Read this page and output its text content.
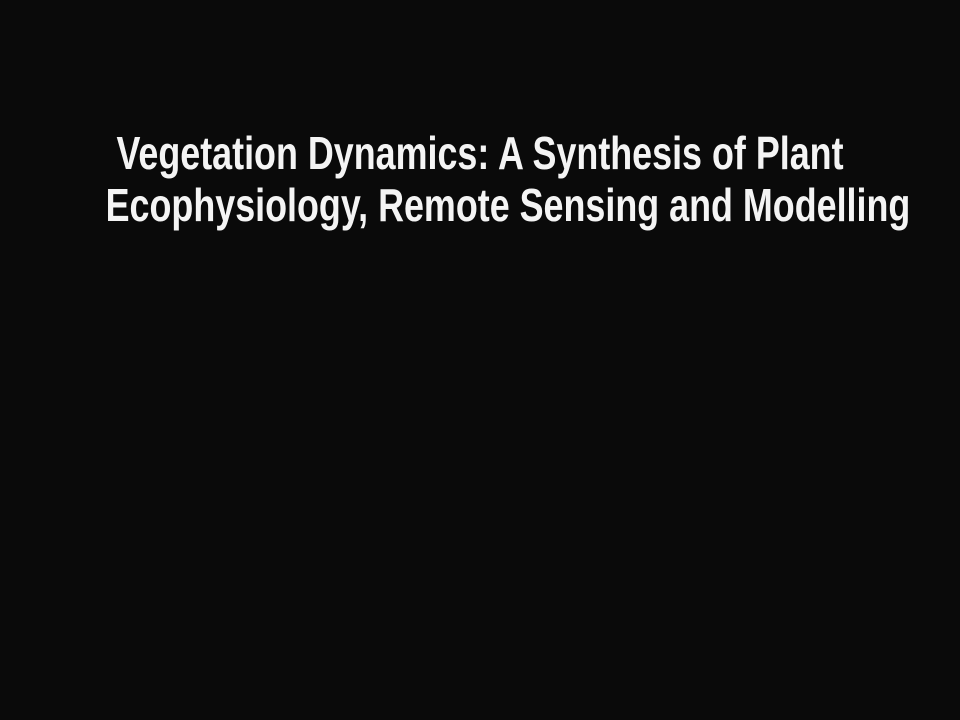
Vegetation Dynamics: A Synthesis of Plant
Ecophysiology, Remote Sensing and Modelling
